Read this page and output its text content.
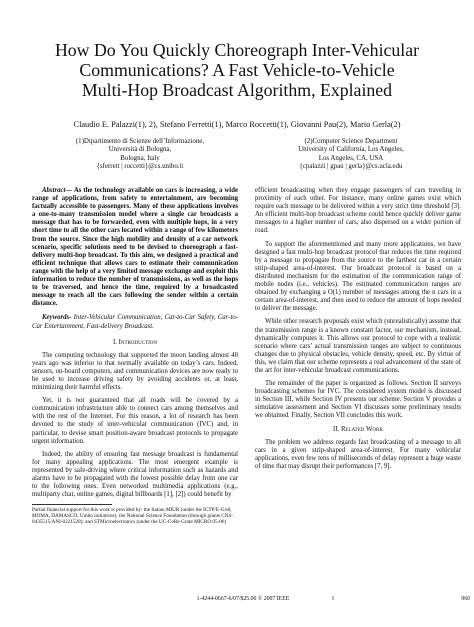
How Do You Quickly Choreograph Inter-Vehicular
Communications? A Fast Vehicle-to-Vehicle
Multi-Hop Broadcast Algorithm, Explained
Claudio E. Palazzi(1), 2), Stefano Ferretti(1), Marco Roccetti(1), Giovanni Pau(2), Mario Gerla(2)
(1)Dipartimento di Scienze dell’Informazione,
Università di Bologna,
Bologna, Italy
{sferrett | roccetti}@cs.unibo.it
(2)Computer Science Department
University of California, Los Angeles,
Los Angeles, CA, USA
{cpalazzi | gpau | gerla}@cs.ucla.edu

Abstract— As the technology available on cars is increasing, a wide range of applications, from safety to entertainment, are becoming factually accessible to passengers. Many of these applications involves a one-to-many transmission model where a single car broadcasts a message that has to be forwarded, even with multiple hops, in a very short time to all the other cars located within a range of few kilometers from the source. Since the high mobility and density of a car network scenario, specific solutions need to be devised to choreograph a fast-delivery multi-hop broadcast. To this aim, we designed a practical and efficient technique that allows cars to estimate their communication range with the help of a very limited message exchange and exploit this information to reduce the number of transmissions, as well as the hops to be traversed, and hence the time, required by a broadcasted message to reach all the cars following the sender within a certain distance.

Keywords- Inter-Vehicular Communication, Car-to-Car Safety, Car-to-Car Entertainment, Fast-delivery Broadcast.

I. Introduction

The computing technology that supported the moon landing almost 40 years ago was inferior to that normally available on today’s cars. Indeed, sensors, on-board computers, and communication devices are now ready to be used to increase driving safety by avoiding accidents or, at least, minimizing their harmful effects.

Yet, it is not guaranteed that all roads will be covered by a communication infrastructure able to connect cars among themselves and with the rest of the Internet. For this reason, a lot of research has been devoted to the study of inter-vehicular communication (IVC) and, in particular, to devise smart position-aware broadcast protocols to propagate urgent information.

Indeed, the ability of ensuring fast message broadcast is fundamental for many appealing applications. The most emergent example is represented by safe-driving where critical information such as hazards and alarms have to be propagated with the lowest possible delay from one car to the following ones. Even networked multimedia applications (e.g., multiparty chat, online games, digital billboards [1], [2]) could benefit by

Partial financial support for this work is provided by: the Italian MIUR (under the ICTP/E-Grid, MOMA, DAMASCO, Umbo initiatives); the National Science Foundation (through grants CNS-0435515/ANI-0221528); and STMicroelectronics (under the UC-CoRe Grant MICRO 05-06)

efficient broadcasting when they engage passengers of cars traveling in proximity of each other. For instance, many online games exist which require each message to be delivered within a very strict time threshold [3]. An efficient multi-hop broadcast scheme could hence quickly deliver game messages to a higher number of cars, also dispersed on a wider portion of road.

To support the aforementioned and many more applications, we have designed a fast multi-hop broadcast protocol that reduces the time required by a message to propagate from the source to the farthest car in a certain strip-shaped area-of-interest. Our broadcast protocol is based on a distributed mechanism for the estimation of the communication range of mobile nodes (i.e., vehicles). The estimated communication ranges are obtained by exchanging a O(1) number of messages among the n cars in a certain area-of-interest, and then used to reduce the amount of hops needed to deliver the message.

While other research proposals exist which (unrealistically) assume that the transmission range is a known constant factor, our mechanism, instead, dynamically computes it. This allows our protocol to cope with a realistic scenario where cars’ actual transmission ranges are subject to continuous changes due to physical obstacles, vehicle density, speed, etc. By virtue of this, we claim that our scheme represents a real advancement of the state of the art for inter-vehicular broadcast communications.

The remainder of the paper is organized as follows. Section II surveys broadcasting schemes for IVC. The considered system model is discussed in Section III, while Section IV presents our scheme. Section V provides a simulative assessment and Section VI discusses some preliminary results we obtained. Finally, Section VII concludes this work.

II. Related Work

The problem we address regards fast broadcasting of a message to all cars in a given strip-shaped area-of-interest. For many vehicular applications, even few tens of milliseconds of delay represent a huge waste of time that may disrupt their performances [7, 9].

1-4244-0667-6/07/$25.00 © 2007 IEEE	1	960
